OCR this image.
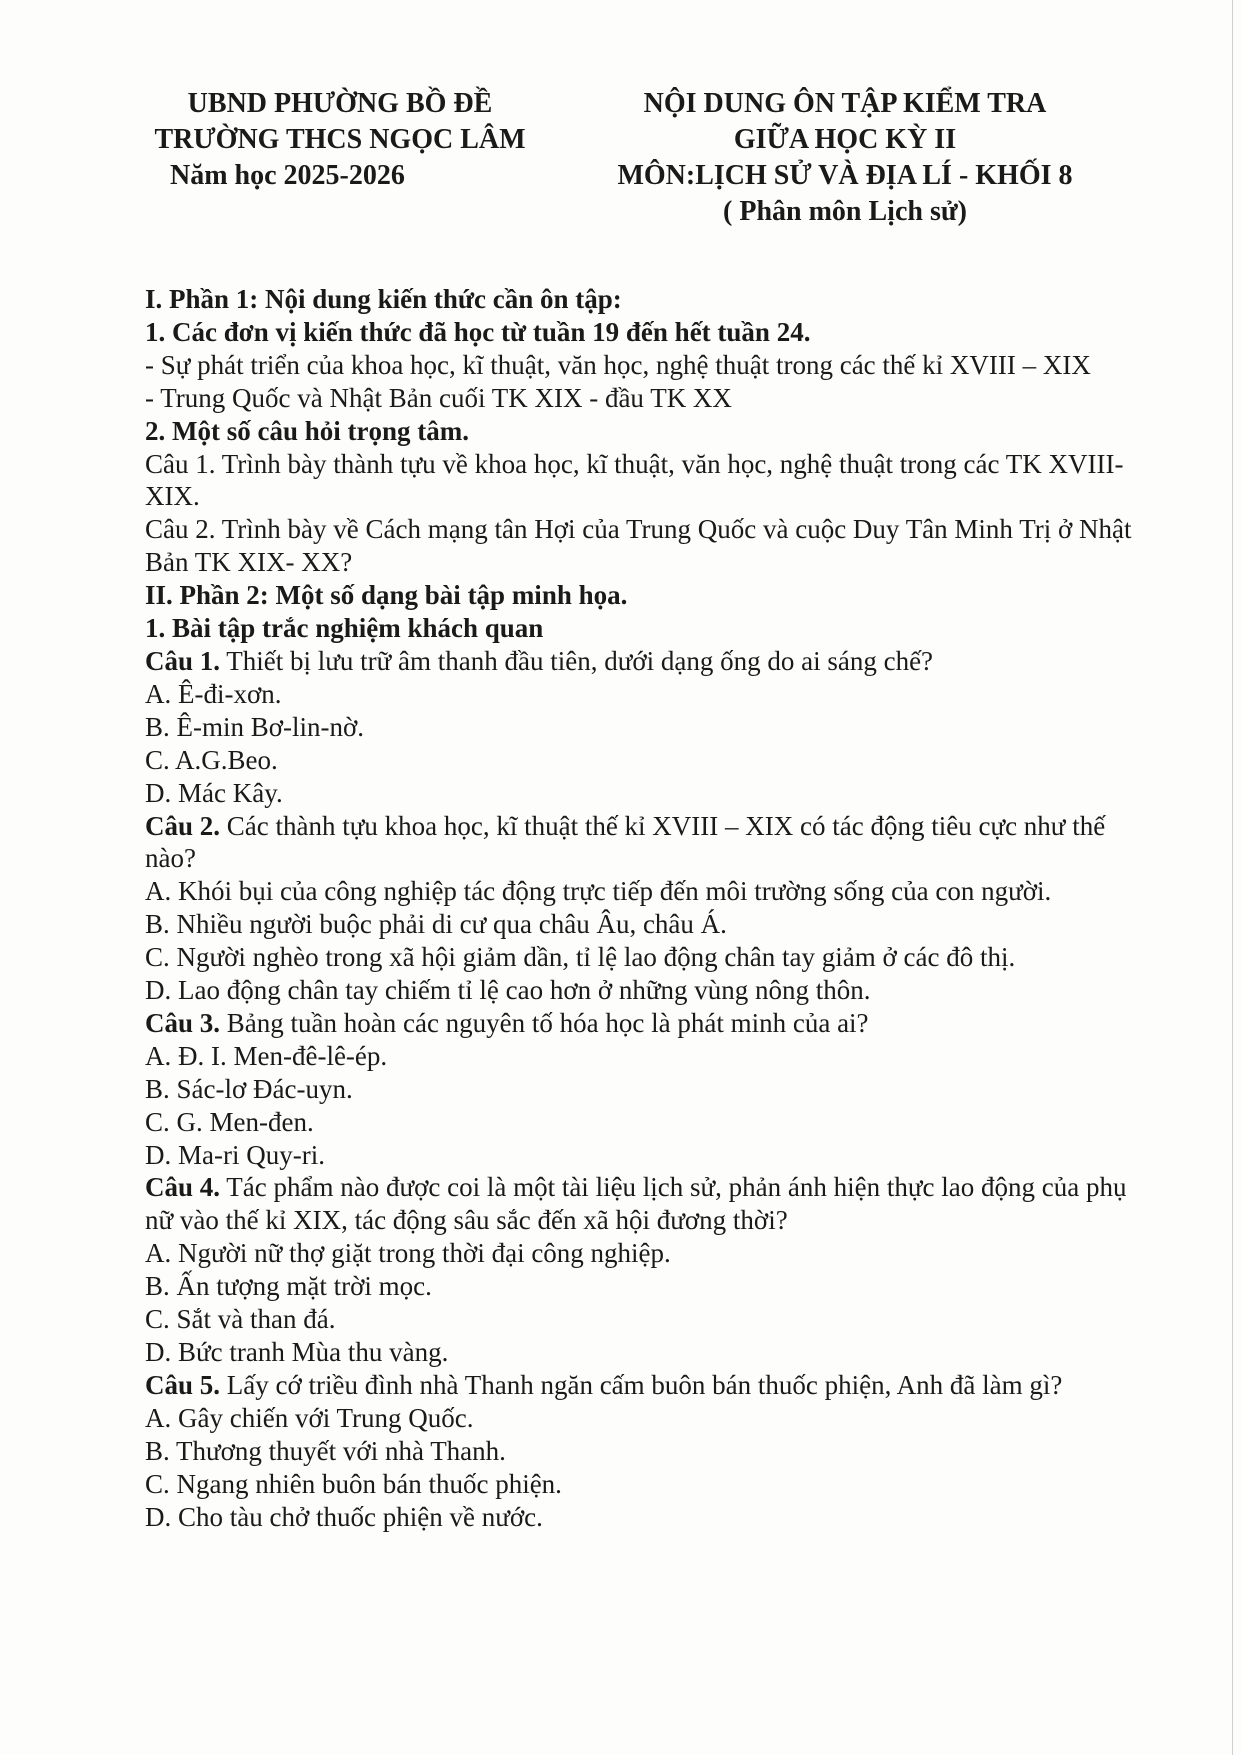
UBND PHƯỜNG BỒ ĐỀ
TRƯỜNG THCS NGỌC LÂM
Năm học 2025-2026
NỘI DUNG ÔN TẬP KIỂM TRA
GIỮA HỌC KỲ II
MÔN:LỊCH SỬ VÀ ĐỊA LÍ - KHỐI 8
( Phân môn Lịch sử)

I. Phần 1: Nội dung kiến thức cần ôn tập:

1. Các đơn vị kiến thức đã học từ tuần 19 đến hết tuần 24.

- Sự phát triển của khoa học, kĩ thuật, văn học, nghệ thuật trong các thế kỉ XVIII – XIX

- Trung Quốc và Nhật Bản cuối TK XIX - đầu TK XX

2. Một số câu hỏi trọng tâm.

Câu 1. Trình bày thành tựu về khoa học, kĩ thuật, văn học, nghệ thuật trong các TK XVIII- XIX.

Câu 2. Trình bày về Cách mạng tân Hợi của Trung Quốc và cuộc Duy Tân Minh Trị ở Nhật Bản TK XIX- XX?

II. Phần 2: Một số dạng bài tập minh họa.

1. Bài tập trắc nghiệm khách quan

Câu 1. Thiết bị lưu trữ âm thanh đầu tiên, dưới dạng ống do ai sáng chế?

A. Ê-đi-xơn.

B. Ê-min Bơ-lin-nờ.

C. A.G.Beo.

D. Mác Kây.

Câu 2. Các thành tựu khoa học, kĩ thuật thế kỉ XVIII – XIX có tác động tiêu cực như thế nào?

A. Khói bụi của công nghiệp tác động trực tiếp đến môi trường sống của con người.

B. Nhiều người buộc phải di cư qua châu Âu, châu Á.

C. Người nghèo trong xã hội giảm dần, tỉ lệ lao động chân tay giảm ở các đô thị.

D. Lao động chân tay chiếm tỉ lệ cao hơn ở những vùng nông thôn.

Câu 3. Bảng tuần hoàn các nguyên tố hóa học là phát minh của ai?

A. Đ. I. Men-đê-lê-ép.

B. Sác-lơ Đác-uyn.

C. G. Men-đen.

D. Ma-ri Quy-ri.

Câu 4. Tác phẩm nào được coi là một tài liệu lịch sử, phản ánh hiện thực lao động của phụ nữ vào thế kỉ XIX, tác động sâu sắc đến xã hội đương thời?

A. Người nữ thợ giặt trong thời đại công nghiệp.

B. Ấn tượng mặt trời mọc.

C. Sắt và than đá.

D. Bức tranh Mùa thu vàng.

Câu 5. Lấy cớ triều đình nhà Thanh ngăn cấm buôn bán thuốc phiện, Anh đã làm gì?

A. Gây chiến với Trung Quốc.

B. Thương thuyết với nhà Thanh.

C. Ngang nhiên buôn bán thuốc phiện.

D. Cho tàu chở thuốc phiện về nước.
